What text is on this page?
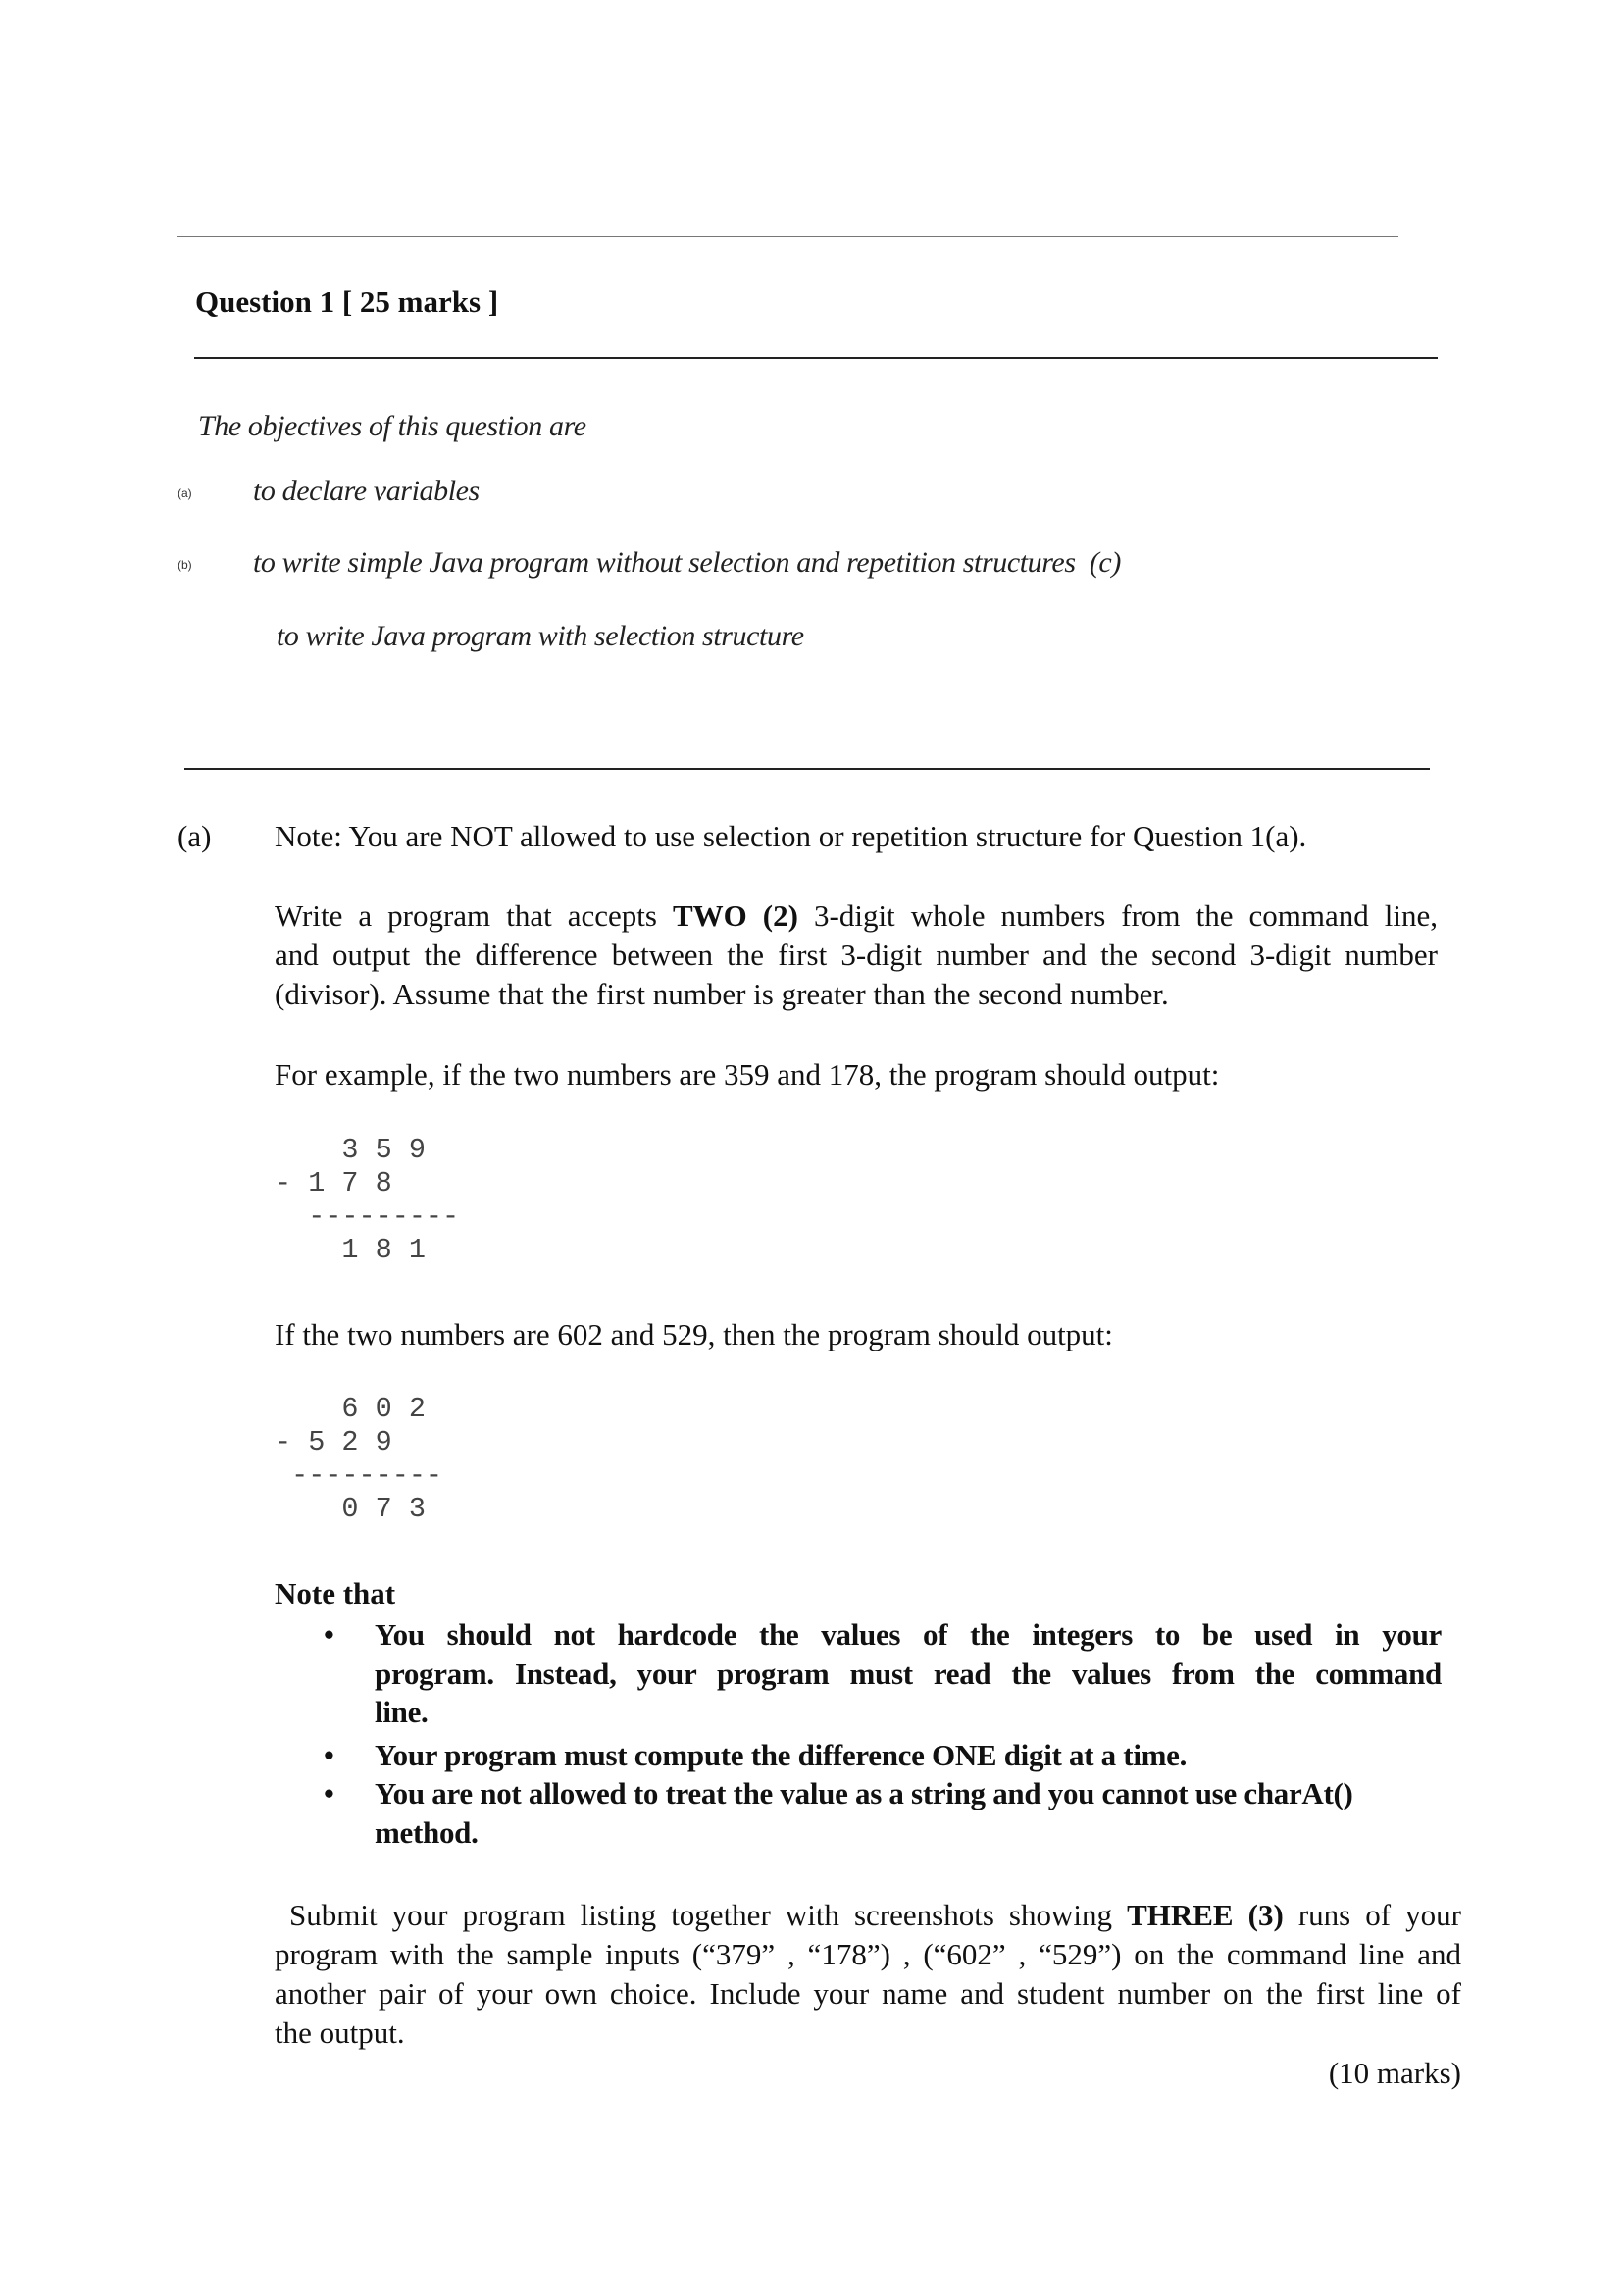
Question 1 [ 25 marks ]
The objectives of this question are
(a) to declare variables
(b) to write simple Java program without selection and repetition structures  (c)
to write Java program with selection structure
(a) Note: You are NOT allowed to use selection or repetition structure for Question 1(a).
Write a program that accepts TWO (2) 3-digit whole numbers from the command line,
and output the difference between the first 3-digit number and the second 3-digit number
(divisor). Assume that the first number is greater than the second number.
For example, if the two numbers are 359 and 178, the program should output:
3 5 9
- 1 7 8
---------
1 8 1
If the two numbers are 602 and 529, then the program should output:
6 0 2
- 5 2 9
---------
0 7 3
Note that
• You should not hardcode the values of the integers to be used in your
program. Instead, your program must read the values from the command
line.
• Your program must compute the difference ONE digit at a time.
• You are not allowed to treat the value as a string and you cannot use charAt()
method.
Submit your program listing together with screenshots showing THREE (3) runs of your
program with the sample inputs (“379” , “178”) , (“602” , “529”) on the command line and
another pair of your own choice. Include your name and student number on the first line of
the output.
(10 marks)
